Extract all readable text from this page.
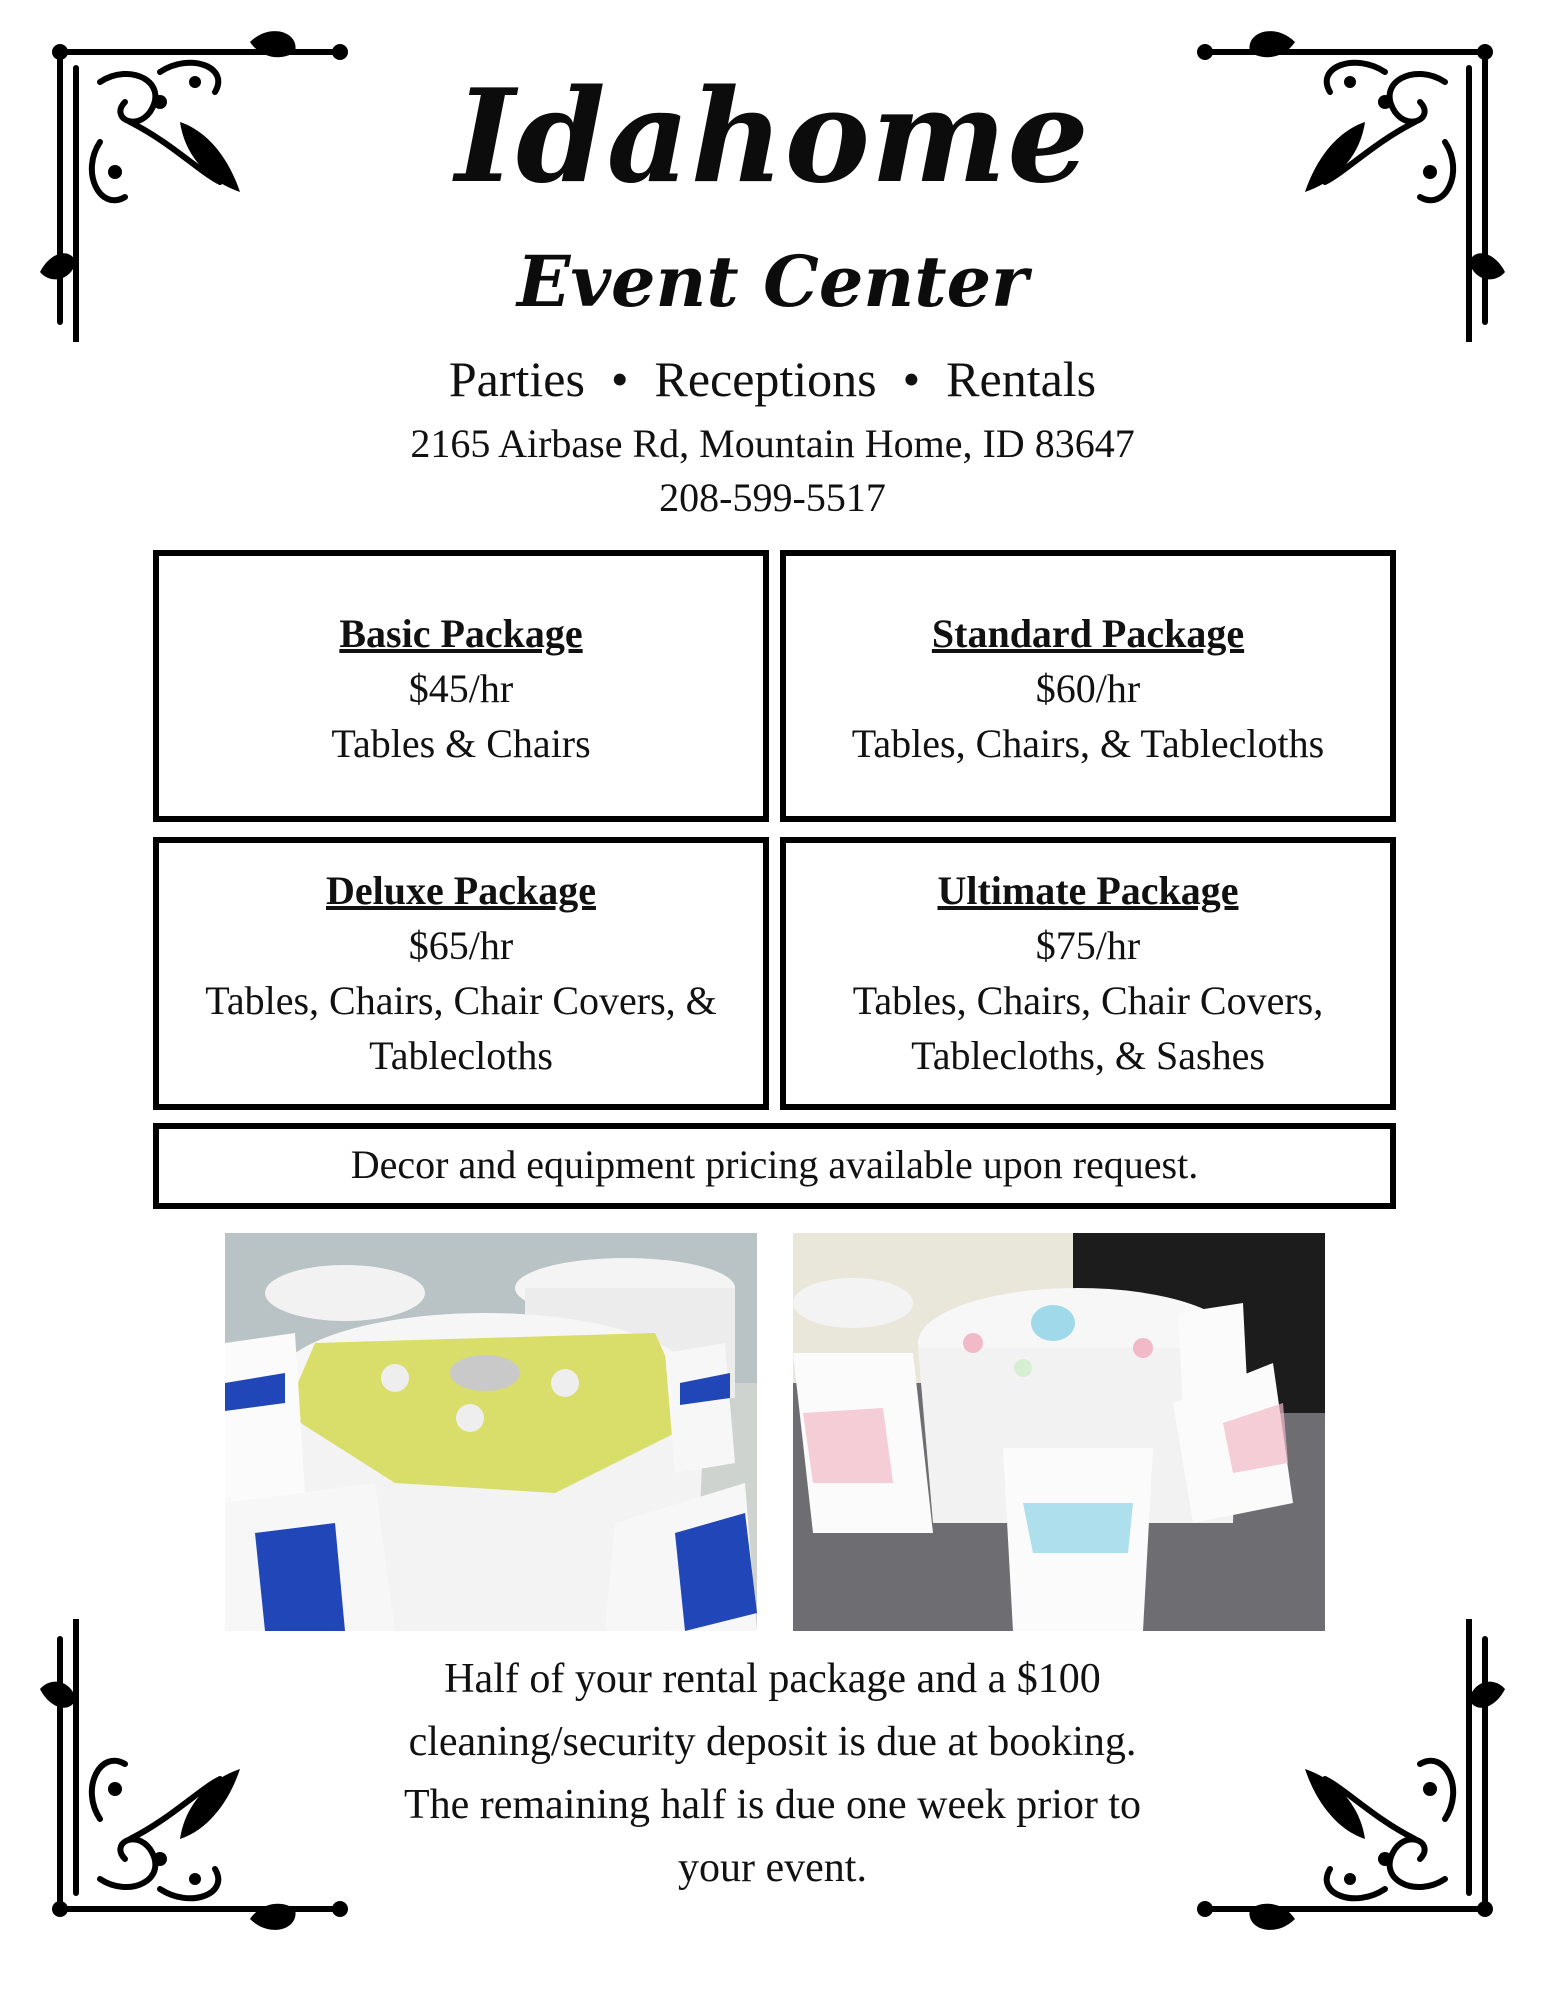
Idahome
Event Center
Parties • Receptions • Rentals
2165 Airbase Rd, Mountain Home, ID 83647
208-599-5517
Basic Package
$45/hr
Tables & Chairs
Standard Package
$60/hr
Tables, Chairs, & Tablecloths
Deluxe Package
$65/hr
Tables, Chairs, Chair Covers, &
Tablecloths
Ultimate Package
$75/hr
Tables, Chairs, Chair Covers,
Tablecloths, & Sashes
Decor and equipment pricing available upon request.
Half of your rental package and a $100
cleaning/security deposit is due at booking.
The remaining half is due one week prior to
your event.
